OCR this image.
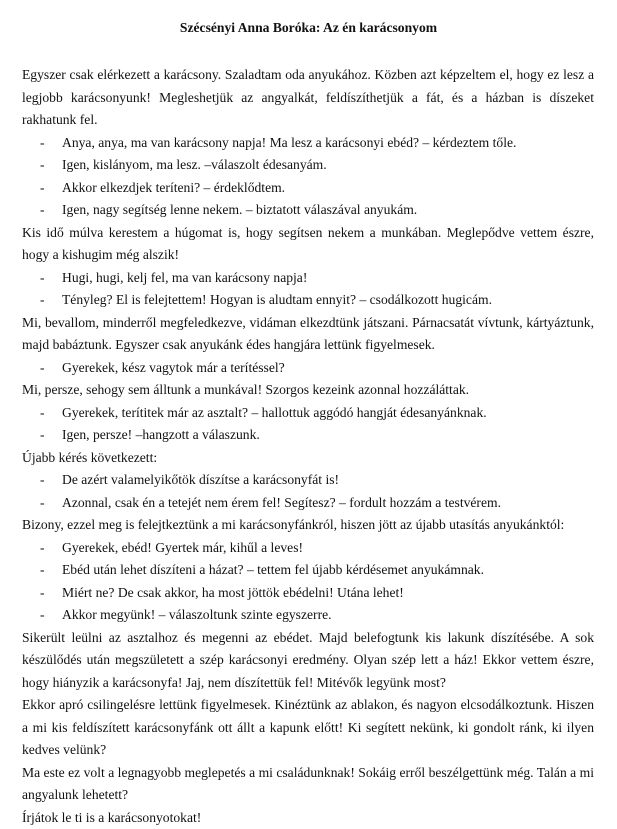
Szécsényi Anna Boróka: Az én karácsonyom
Egyszer csak elérkezett a karácsony. Szaladtam oda anyukához. Közben azt képzeltem el, hogy ez lesz a legjobb karácsonyunk! Megleshetjük az angyalkát, feldíszíthetjük a fát, és a házban is díszeket rakhatunk fel.
- Anya, anya, ma van karácsony napja! Ma lesz a karácsonyi ebéd? – kérdeztem tőle.
- Igen, kislányom, ma lesz. –válaszolt édesanyám.
- Akkor elkezdjek teríteni? – érdeklődtem.
- Igen, nagy segítség lenne nekem. – biztatott válaszával anyukám.
Kis idő múlva kerestem a húgomat is, hogy segítsen nekem a munkában. Meglepődve vettem észre, hogy a kishugim még alszik!
- Hugi, hugi, kelj fel, ma van karácsony napja!
- Tényleg? El is felejtettem! Hogyan is aludtam ennyit? – csodálkozott hugicám.
Mi, bevallom, minderről megfeledkezve, vidáman elkezdtünk játszani. Párnacsatát vívtunk, kártyáztunk, majd babáztunk. Egyszer csak anyukánk édes hangjára lettünk figyelmesek.
- Gyerekek, kész vagytok már a terítéssel?
Mi, persze, sehogy sem álltunk a munkával! Szorgos kezeink azonnal hozzáláttak.
- Gyerekek, terítitek már az asztalt? – hallottuk aggódó hangját édesanyánknak.
- Igen, persze! –hangzott a válaszunk.
Újabb kérés következett:
- De azért valamelyikőtök díszítse a karácsonyfát is!
- Azonnal, csak én a tetejét nem érem fel! Segítesz? – fordult hozzám a testvérem.
Bizony, ezzel meg is felejtkeztünk a mi karácsonyfánkról, hiszen jött az újabb utasítás anyukánktól:
- Gyerekek, ebéd! Gyertek már, kihűl a leves!
- Ebéd után lehet díszíteni a házat? – tettem fel újabb kérdésemet anyukámnak.
- Miért ne? De csak akkor, ha most jöttök ebédelni! Utána lehet!
- Akkor megyünk! – válaszoltunk szinte egyszerre.
Sikerült leülni az asztalhoz és megenni az ebédet. Majd belefogtunk kis lakunk díszítésébe. A sok készülődés után megszületett a szép karácsonyi eredmény. Olyan szép lett a ház! Ekkor vettem észre, hogy hiányzik a karácsonyfa! Jaj, nem díszítettük fel! Mitévők legyünk most?
Ekkor apró csilingelésre lettünk figyelmesek. Kinéztünk az ablakon, és nagyon elcsodálkoztunk. Hiszen a mi kis feldíszített karácsonyfánk ott állt a kapunk előtt! Ki segített nekünk, ki gondolt ránk, ki ilyen kedves velünk?
Ma este ez volt a legnagyobb meglepetés a mi családunknak! Sokáig erről beszélgettünk még. Talán a mi angyalunk lehetett?
Írjátok le ti is a karácsonyotokat!
